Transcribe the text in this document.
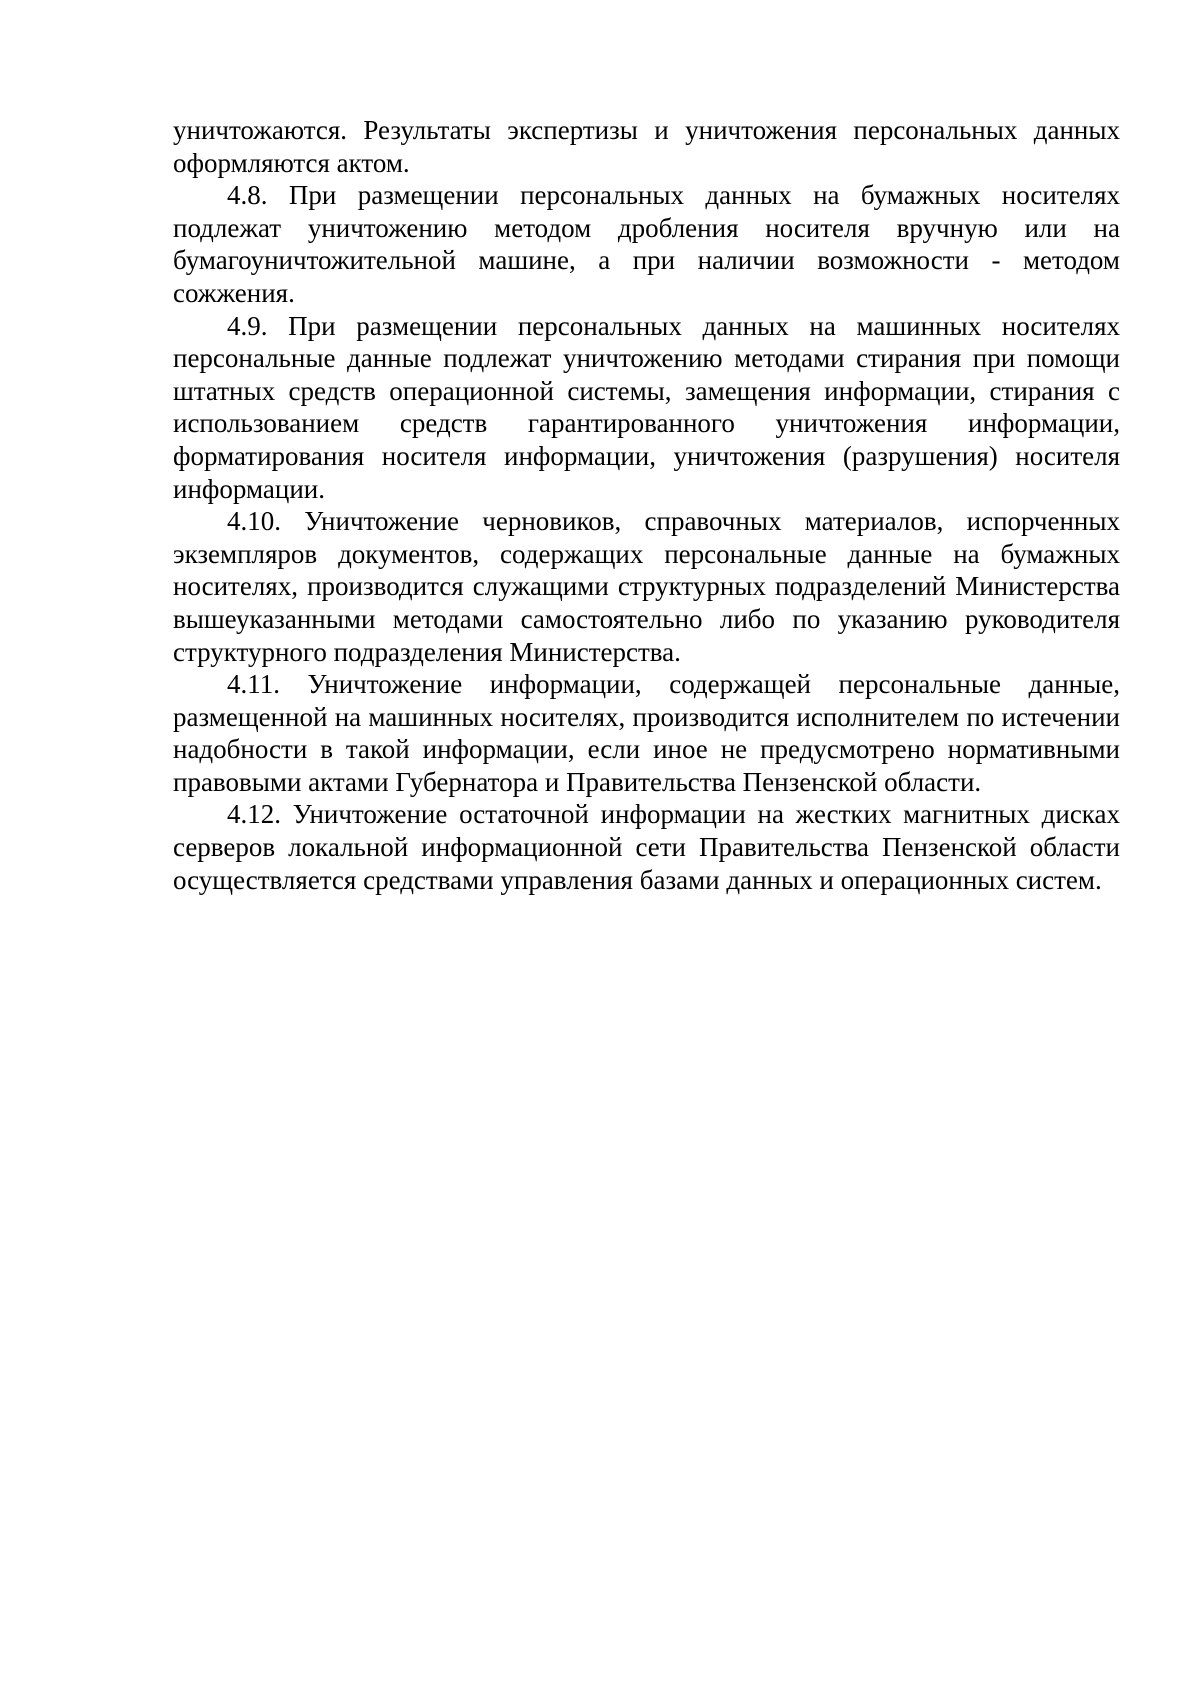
уничтожаются. Результаты экспертизы и уничтожения персональных данных оформляются актом.

4.8. При размещении персональных данных на бумажных носителях подлежат уничтожению методом дробления носителя вручную или на бумагоуничтожительной машине, а при наличии возможности - методом сожжения.

4.9. При размещении персональных данных на машинных носителях персональные данные подлежат уничтожению методами стирания при помощи штатных средств операционной системы, замещения информации, стирания с использованием средств гарантированного уничтожения информации, форматирования носителя информации, уничтожения (разрушения) носителя информации.

4.10. Уничтожение черновиков, справочных материалов, испорченных экземпляров документов, содержащих персональные данные на бумажных носителях, производится служащими структурных подразделений Министерства вышеуказанными методами самостоятельно либо по указанию руководителя структурного подразделения Министерства.

4.11. Уничтожение информации, содержащей персональные данные, размещенной на машинных носителях, производится исполнителем по истечении надобности в такой информации, если иное не предусмотрено нормативными правовыми актами Губернатора и Правительства Пензенской области.

4.12. Уничтожение остаточной информации на жестких магнитных дисках серверов локальной информационной сети Правительства Пензенской области осуществляется средствами управления базами данных и операционных систем.
